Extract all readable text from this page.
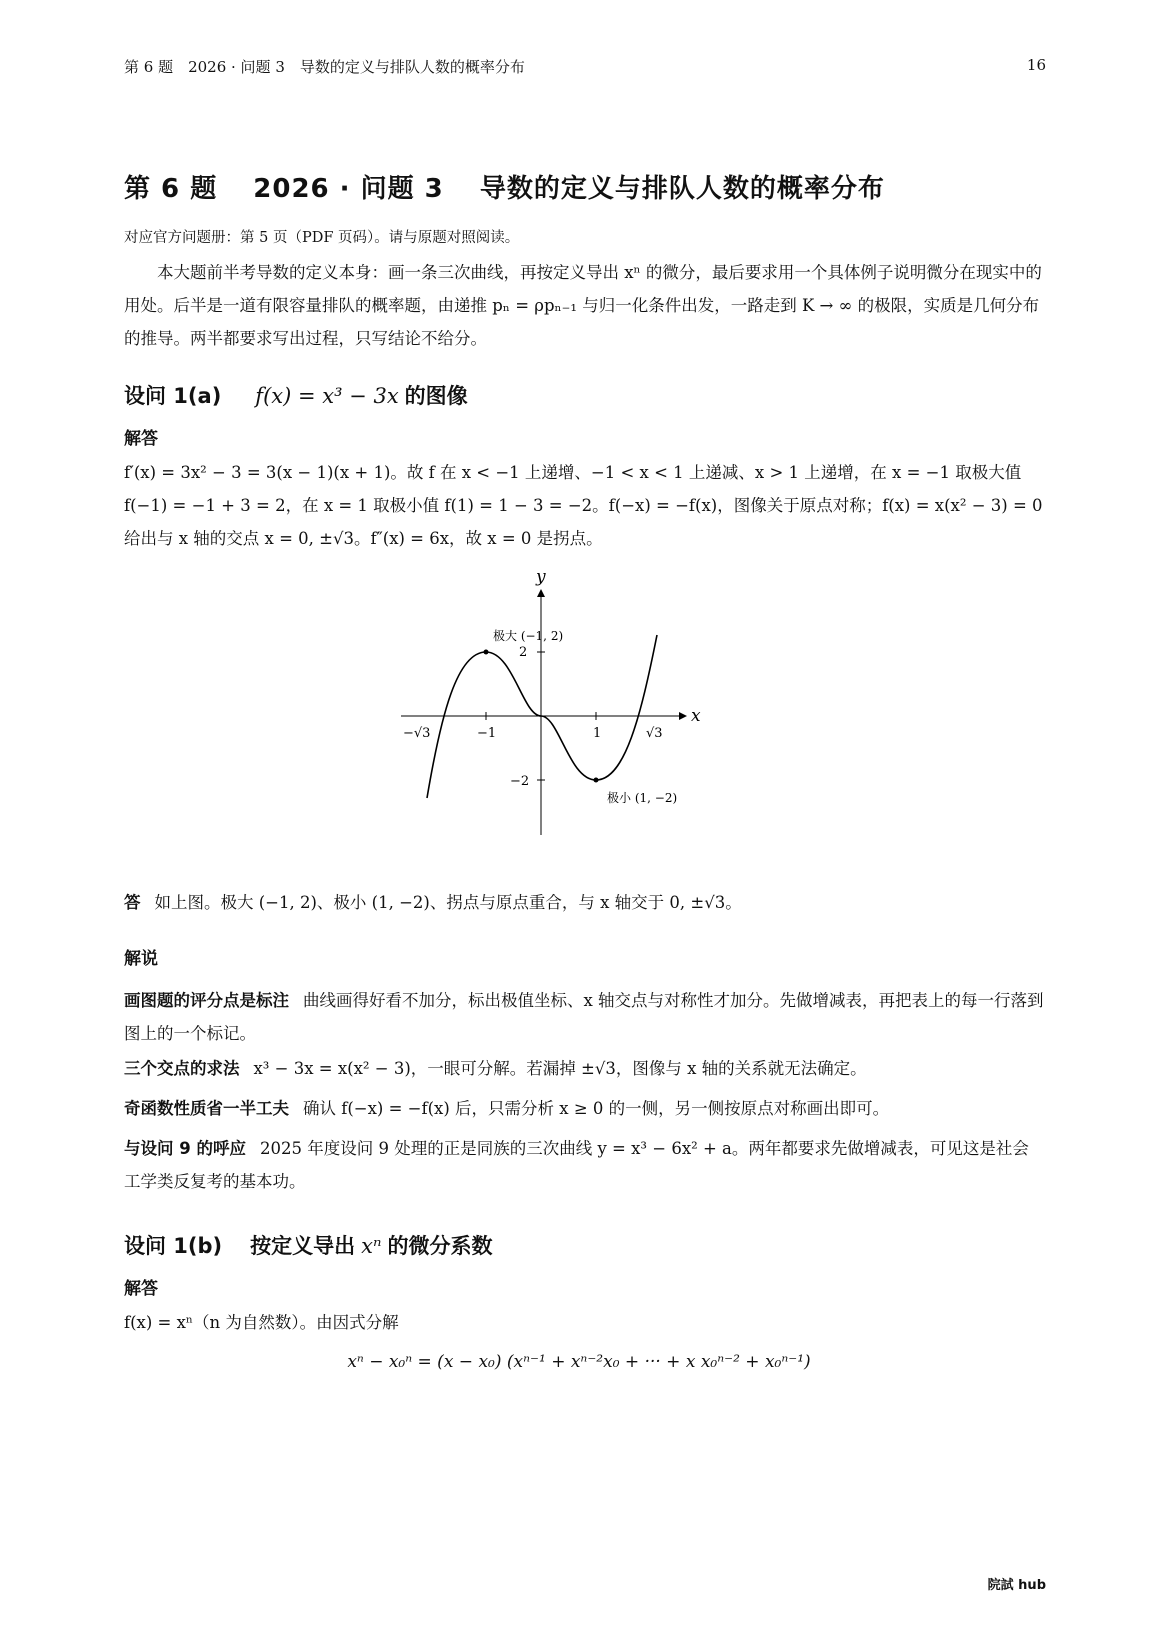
第 6 题　2026 · 问题 3　导数的定义与排队人数的概率分布	16
第 6 题 2026 · 问题 3 导数的定义与排队人数的概率分布
对应官方问题册：第 5 页（PDF 页码）。请与原题对照阅读。
本大题前半考导数的定义本身：画一条三次曲线，再按定义导出 xⁿ 的微分，最后要求用一个具体例子说明微分在现实中的用处。后半是一道有限容量排队的概率题，由递推 pₙ = ρpₙ₋₁ 与归一化条件出发，一路走到 K → ∞ 的极限，实质是几何分布的推导。两半都要求写出过程，只写结论不给分。
设问 1(a) f(x) = x³ − 3x 的图像
解答
f′(x) = 3x² − 3 = 3(x − 1)(x + 1)。故 f 在 x < −1 上递增、−1 < x < 1 上递减、x > 1 上递增，在 x = −1 取极大值 f(−1) = −1 + 3 = 2，在 x = 1 取极小值 f(1) = 1 − 3 = −2。f(−x) = −f(x)，图像关于原点对称；f(x) = x(x² − 3) = 0 给出与 x 轴的交点 x = 0, ±√3。f″(x) = 6x，故 x = 0 是拐点。
y
x
−√3	−1	1	√3
2
−2
极大 (−1, 2)
极小 (1, −2)
答 如上图。极大 (−1, 2)、极小 (1, −2)、拐点与原点重合，与 x 轴交于 0, ±√3。
解说
画图题的评分点是标注 曲线画得好看不加分，标出极值坐标、x 轴交点与对称性才加分。先做增减表，再把表上的每一行落到图上的一个标记。
三个交点的求法 x³ − 3x = x(x² − 3)，一眼可分解。若漏掉 ±√3，图像与 x 轴的关系就无法确定。
奇函数性质省一半工夫 确认 f(−x) = −f(x) 后，只需分析 x ≥ 0 的一侧，另一侧按原点对称画出即可。
与设问 9 的呼应 2025 年度设问 9 处理的正是同族的三次曲线 y = x³ − 6x² + a。两年都要求先做增减表，可见这是社会工学类反复考的基本功。
设问 1(b) 按定义导出 xⁿ 的微分系数
解答
f(x) = xⁿ（n 为自然数）。由因式分解
xⁿ − x₀ⁿ = (x − x₀) (xⁿ⁻¹ + xⁿ⁻²x₀ + ··· + x x₀ⁿ⁻² + x₀ⁿ⁻¹)
院試 hub
